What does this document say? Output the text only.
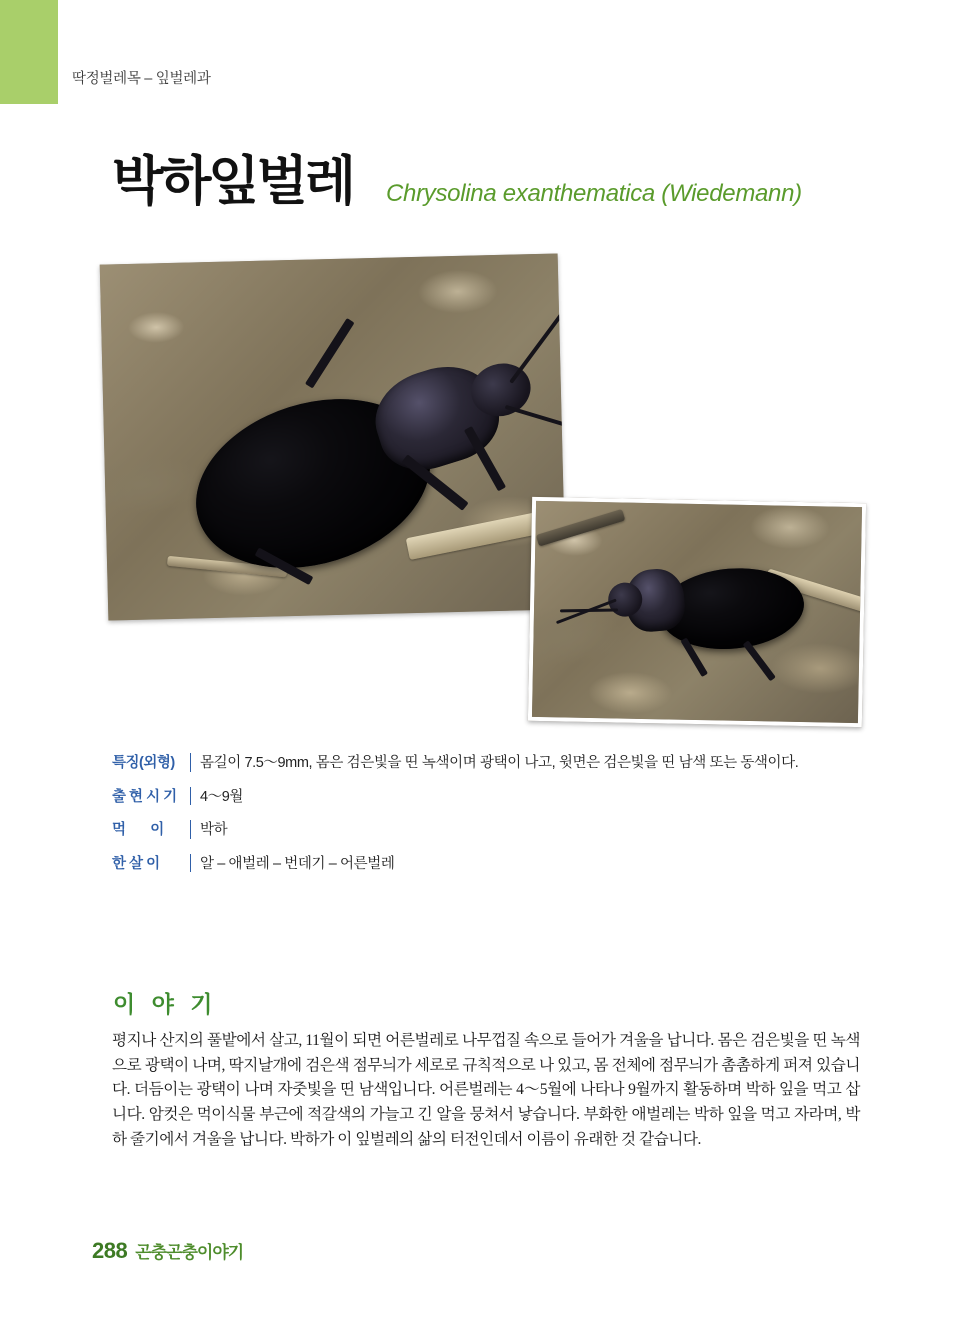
딱정벌레목 – 잎벌레과
박하잎벌레 Chrysolina exanthematica (Wiedemann)
특징(외형)	몸길이 7.5〜9mm, 몸은 검은빛을 띤 녹색이며 광택이 나고, 윗면은 검은빛을 띤 남색 또는 동색이다.
출 현 시 기	4〜9월
먹       이	박하
한 살 이	알 – 애벌레 – 번데기 – 어른벌레
이 야 기
평지나 산지의 풀밭에서 살고, 11월이 되면 어른벌레로 나무껍질 속으로 들어가 겨울을 납니다. 몸은 검은빛을 띤 녹색으로 광택이 나며, 딱지날개에 검은색 점무늬가 세로로 규칙적으로 나 있고, 몸 전체에 점무늬가 촘촘하게 퍼져 있습니다. 더듬이는 광택이 나며 자줏빛을 띤 남색입니다. 어른벌레는 4〜5월에 나타나 9월까지 활동하며 박하 잎을 먹고 삽니다. 암컷은 먹이식물 부근에 적갈색의 가늘고 긴 알을 뭉쳐서 낳습니다. 부화한 애벌레는 박하 잎을 먹고 자라며, 박하 줄기에서 겨울을 납니다. 박하가 이 잎벌레의 삶의 터전인데서 이름이 유래한 것 같습니다.
288 곤충곤충이야기
